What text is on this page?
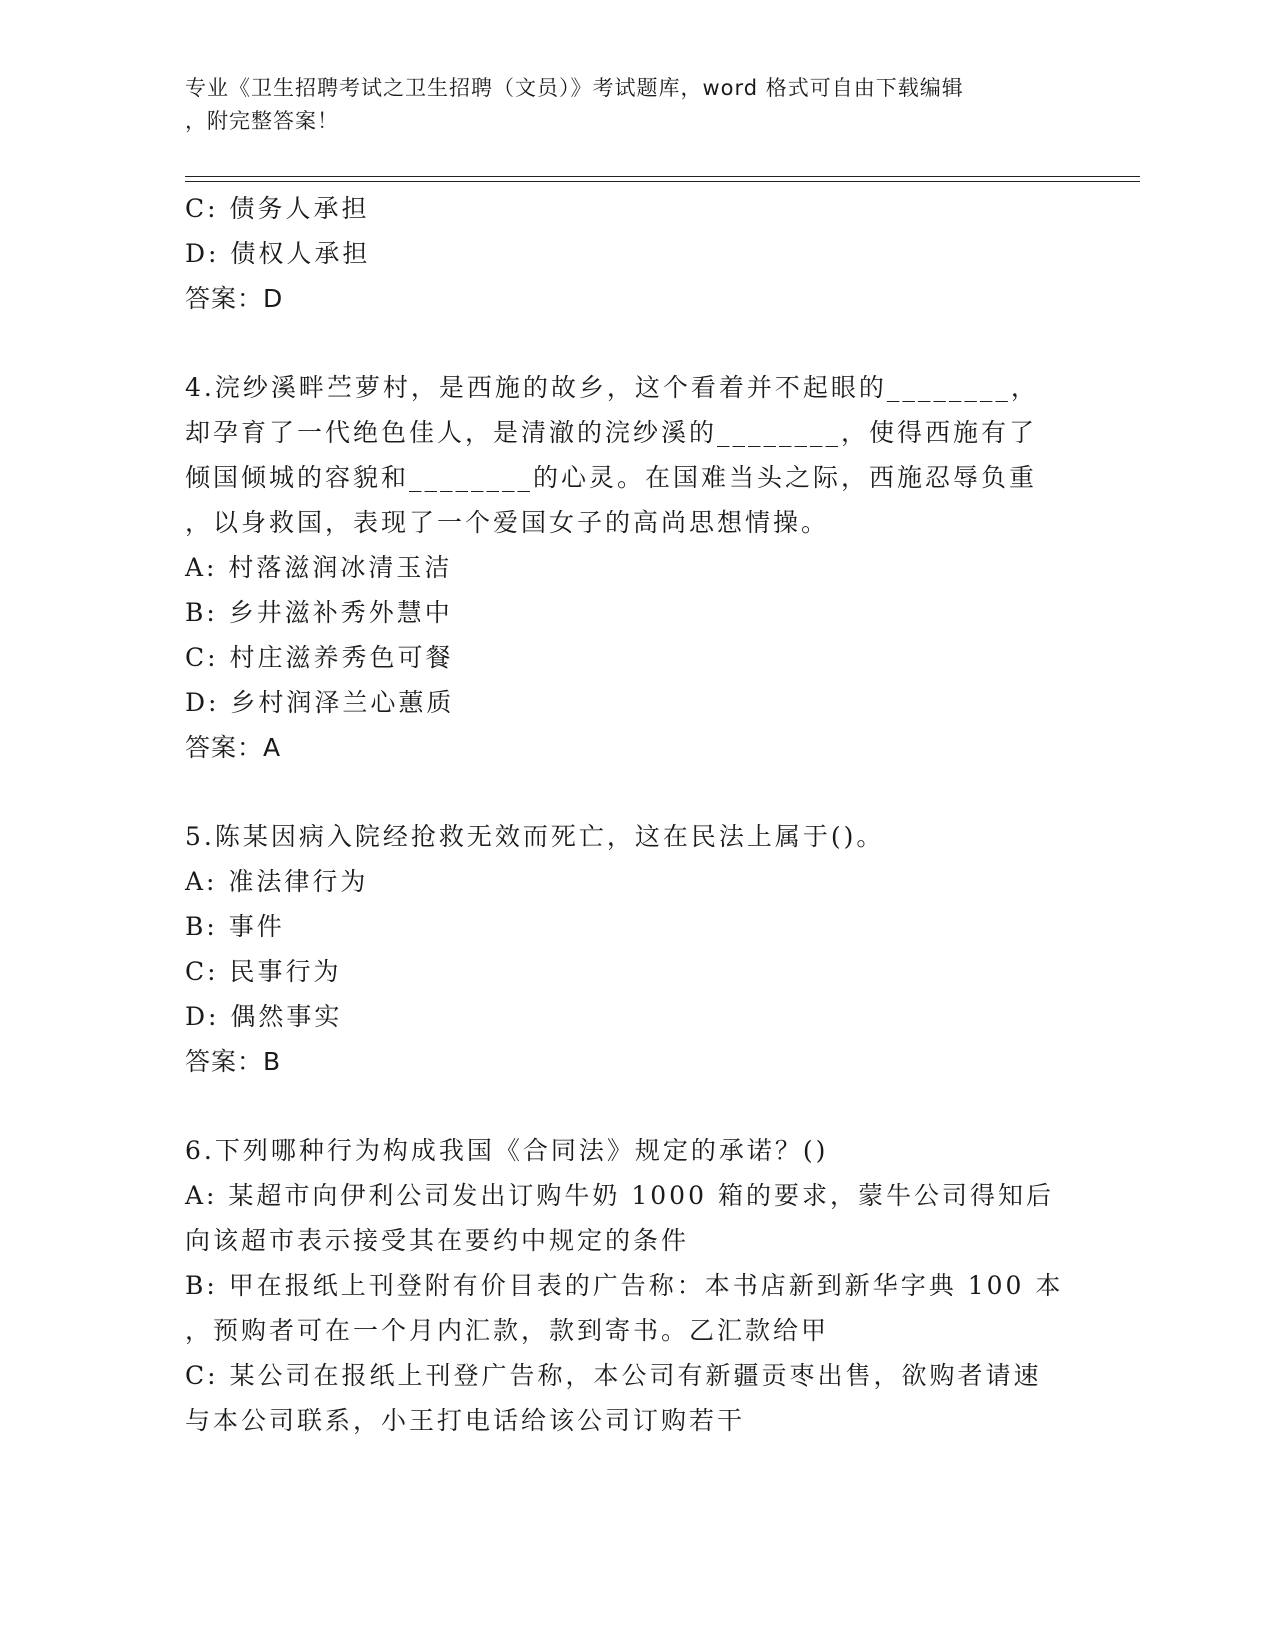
专业《卫生招聘考试之卫生招聘（文员）》考试题库，word 格式可自由下载编辑
，附完整答案！
C: 债务人承担
D: 债权人承担
答案：D
4.浣纱溪畔苎萝村，是西施的故乡，这个看着并不起眼的________，
却孕育了一代绝色佳人，是清澈的浣纱溪的________，使得西施有了
倾国倾城的容貌和________的心灵。在国难当头之际，西施忍辱负重
，以身救国，表现了一个爱国女子的高尚思想情操。
A: 村落滋润冰清玉洁
B: 乡井滋补秀外慧中
C: 村庄滋养秀色可餐
D: 乡村润泽兰心蕙质
答案：A
5.陈某因病入院经抢救无效而死亡，这在民法上属于()。
A: 准法律行为
B: 事件
C: 民事行为
D: 偶然事实
答案：B
6.下列哪种行为构成我国《合同法》规定的承诺？()
A: 某超市向伊利公司发出订购牛奶 1000 箱的要求，蒙牛公司得知后
向该超市表示接受其在要约中规定的条件
B: 甲在报纸上刊登附有价目表的广告称：本书店新到新华字典 100 本
，预购者可在一个月内汇款，款到寄书。乙汇款给甲
C: 某公司在报纸上刊登广告称，本公司有新疆贡枣出售，欲购者请速
与本公司联系，小王打电话给该公司订购若干
